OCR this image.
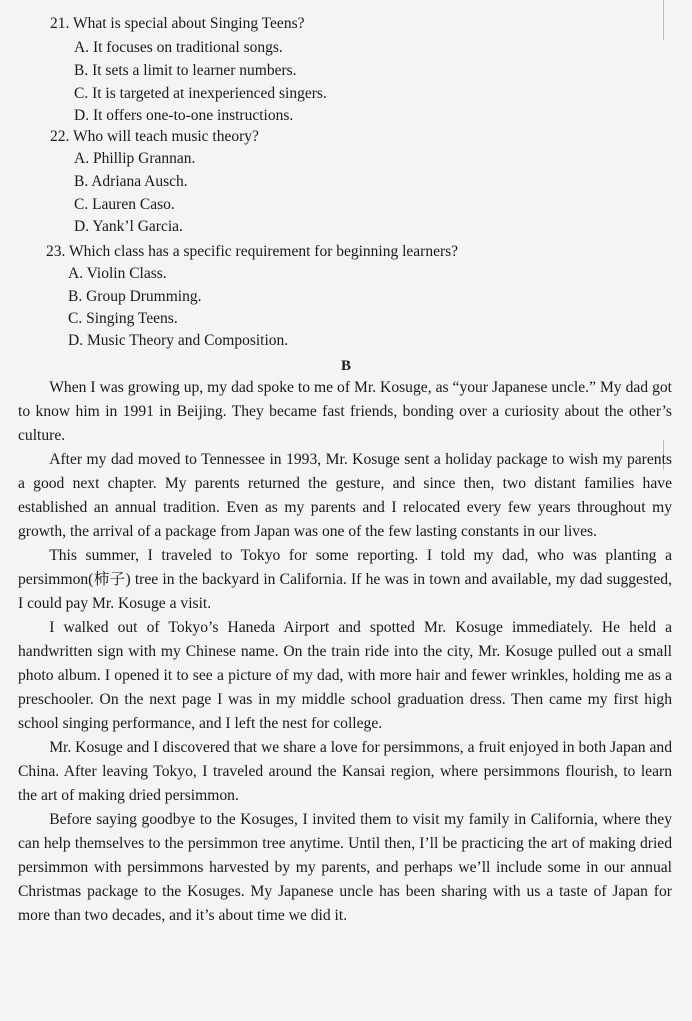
21. What is special about Singing Teens?
A. It focuses on traditional songs.
B. It sets a limit to learner numbers.
C. It is targeted at inexperienced singers.
D. It offers one-to-one instructions.
22. Who will teach music theory?
A. Phillip Grannan.
B. Adriana Ausch.
C. Lauren Caso.
D. Yank’l Garcia.
23. Which class has a specific requirement for beginning learners?
A. Violin Class.
B. Group Drumming.
C. Singing Teens.
D. Music Theory and Composition.
B

When I was growing up, my dad spoke to me of Mr. Kosuge, as “your Japanese uncle.” My dad got to know him in 1991 in Beijing. They became fast friends, bonding over a curiosity about the other’s culture.

After my dad moved to Tennessee in 1993, Mr. Kosuge sent a holiday package to wish my parents a good next chapter. My parents returned the gesture, and since then, two distant families have established an annual tradition. Even as my parents and I relocated every few years throughout my growth, the arrival of a package from Japan was one of the few lasting constants in our lives.

This summer, I traveled to Tokyo for some reporting. I told my dad, who was planting a persimmon(柿子) tree in the backyard in California. If he was in town and available, my dad suggested, I could pay Mr. Kosuge a visit.

I walked out of Tokyo’s Haneda Airport and spotted Mr. Kosuge immediately. He held a handwritten sign with my Chinese name. On the train ride into the city, Mr. Kosuge pulled out a small photo album. I opened it to see a picture of my dad, with more hair and fewer wrinkles, holding me as a preschooler. On the next page I was in my middle school graduation dress. Then came my first high school singing performance, and I left the nest for college.

Mr. Kosuge and I discovered that we share a love for persimmons, a fruit enjoyed in both Japan and China. After leaving Tokyo, I traveled around the Kansai region, where persimmons flourish, to learn the art of making dried persimmon.

Before saying goodbye to the Kosuges, I invited them to visit my family in California, where they can help themselves to the persimmon tree anytime. Until then, I’ll be practicing the art of making dried persimmon with persimmons harvested by my parents, and perhaps we’ll include some in our annual Christmas package to the Kosuges. My Japanese uncle has been sharing with us a taste of Japan for more than two decades, and it’s about time we did it.
